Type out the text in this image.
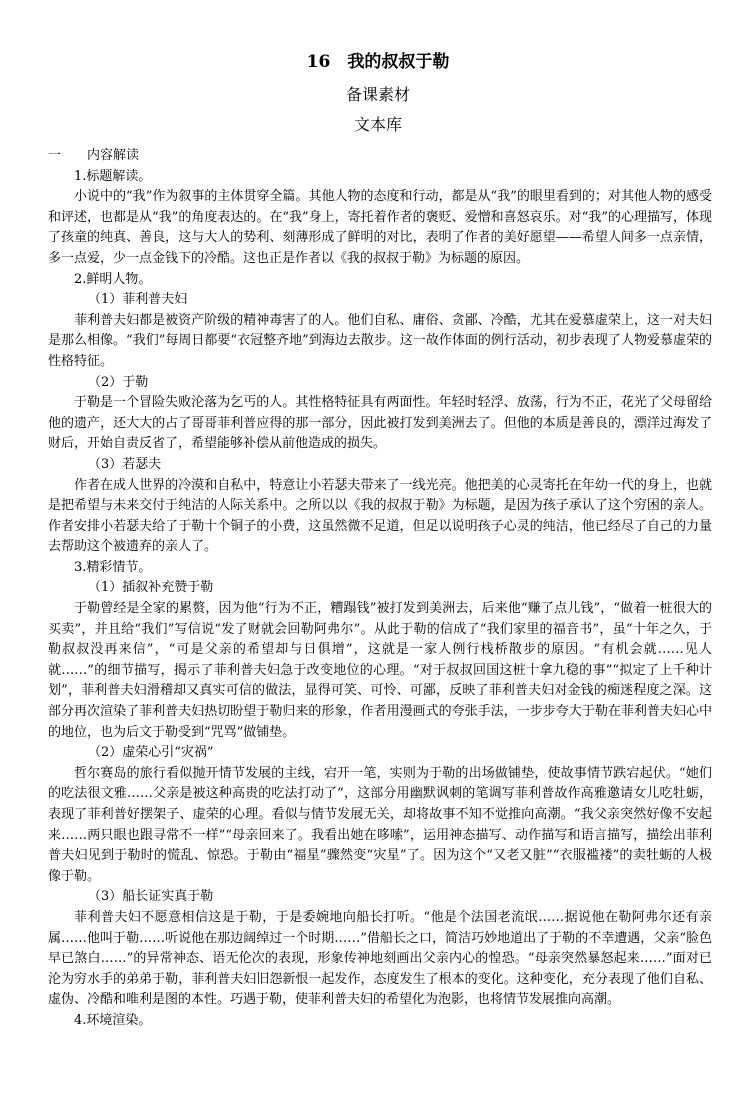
16　我的叔叔于勒
备课素材
文本库

一　　内容解读

1.标题解读。

小说中的“我”作为叙事的主体贯穿全篇。其他人物的态度和行动，都是从“我”的眼里看到的；对其他人物的感受和评述，也都是从“我”的角度表达的。在“我”身上，寄托着作者的褒贬、爱憎和喜怒哀乐。对“我”的心理描写，体现了孩童的纯真、善良，这与大人的势利、刻薄形成了鲜明的对比，表明了作者的美好愿望——希望人间多一点亲情，多一点爱，少一点金钱下的冷酷。这也正是作者以《我的叔叔于勒》为标题的原因。

2.鲜明人物。

（1）菲利普夫妇

菲利普夫妇都是被资产阶级的精神毒害了的人。他们自私、庸俗、贪鄙、冷酷，尤其在爱慕虚荣上，这一对夫妇是那么相像。“我们”每周日都要“衣冠整齐地”到海边去散步。这一故作体面的例行活动，初步表现了人物爱慕虚荣的性格特征。

（2）于勒

于勒是一个冒险失败沦落为乞丐的人。其性格特征具有两面性。年轻时轻浮、放荡，行为不正，花光了父母留给他的遗产，还大大的占了哥哥菲利普应得的那一部分，因此被打发到美洲去了。但他的本质是善良的，漂洋过海发了财后，开始自责反省了，希望能够补偿从前他造成的损失。

（3）若瑟夫

作者在成人世界的冷漠和自私中，特意让小若瑟夫带来了一线光亮。他把美的心灵寄托在年幼一代的身上，也就是把希望与未来交付于纯洁的人际关系中。之所以以《我的叔叔于勒》为标题，是因为孩子承认了这个穷困的亲人。作者安排小若瑟夫给了于勒十个铜子的小费，这虽然微不足道，但足以说明孩子心灵的纯洁，他已经尽了自己的力量去帮助这个被遗弃的亲人了。

3.精彩情节。

（1）插叙补充赞于勒

于勒曾经是全家的累赘，因为他“行为不正，糟蹋钱”被打发到美洲去，后来他“赚了点儿钱”，“做着一桩很大的买卖”，并且给“我们”写信说“发了财就会回勒阿弗尔”。从此于勒的信成了“我们家里的福音书”，虽“十年之久，于勒叔叔没再来信”，“可是父亲的希望却与日俱增”，这就是一家人例行栈桥散步的原因。“有机会就……见人就……”的细节描写，揭示了菲利普夫妇急于改变地位的心理。“对于叔叔回国这桩十拿九稳的事”“拟定了上千种计划”，菲利普夫妇滑稽却又真实可信的做法，显得可笑、可怜、可鄙，反映了菲利普夫妇对金钱的痴迷程度之深。这部分再次渲染了菲利普夫妇热切盼望于勒归来的形象，作者用漫画式的夸张手法，一步步夸大于勒在菲利普夫妇心中的地位，也为后文于勒受到“咒骂”做铺垫。

（2）虚荣心引“灾祸”

哲尔赛岛的旅行看似抛开情节发展的主线，宕开一笔，实则为于勒的出场做铺垫，使故事情节跌宕起伏。“她们的吃法很文雅……父亲是被这种高贵的吃法打动了”，这部分用幽默讽刺的笔调写菲利普故作高雅邀请女儿吃牡蛎，表现了菲利普好摆架子、虚荣的心理。看似与情节发展无关，却将故事不知不觉推向高潮。“我父亲突然好像不安起来……两只眼也跟寻常不一样”“母亲回来了。我看出她在哆嗦”，运用神态描写、动作描写和语言描写，描绘出菲利普夫妇见到于勒时的慌乱、惊恐。于勒由“福星”骤然变“灾星”了。因为这个“又老又脏”“衣服褴褛”的卖牡蛎的人极像于勒。

（3）船长证实真于勒

菲利普夫妇不愿意相信这是于勒，于是委婉地向船长打听。“他是个法国老流氓……据说他在勒阿弗尔还有亲属……他叫于勒……听说他在那边阔绰过一个时期……”借船长之口，简洁巧妙地道出了于勒的不幸遭遇，父亲“脸色早已煞白……”的异常神态、语无伦次的表现，形象传神地刻画出父亲内心的惶恐。“母亲突然暴怒起来……”面对已沦为穷水手的弟弟于勒，菲利普夫妇旧怨新恨一起发作，态度发生了根本的变化。这种变化，充分表现了他们自私、虚伪、冷酷和唯利是图的本性。巧遇于勒，使菲利普夫妇的希望化为泡影，也将情节发展推向高潮。

4.环境渲染。
